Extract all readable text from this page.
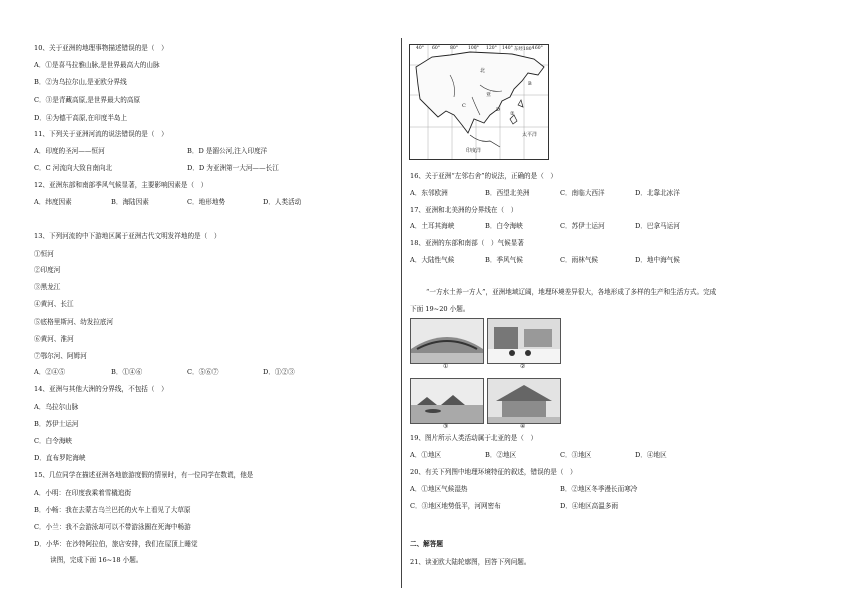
40° 60° 80° 100° 120° 140° 东经180°
160°
北
亚
B
太平洋
印度洋
C
D
②
①	②
③	④
二、解答题
21、读亚欧大陆轮廓图，回答下列问题。
10、关于亚洲的地理事物描述错误的是（　）
A．①是喜马拉雅山脉,是世界最高大的山脉
B．②为乌拉尔山,是亚欧分界线
C．③是青藏高原,是世界最大的高原
D．④为德干高原,在印度半岛上
11、下列关于亚洲河流的说法错误的是（　）
12、亚洲东部和南部季风气候显著，主要影响因素是（　）
13、下列河流的中下游地区属于亚洲古代文明发祥地的是（　）
①恒河
②印度河
③黑龙江
④黄河、长江
⑤底格里斯河、幼发拉底河
⑥黄河、淮河
⑦鄂尔河、阿姆河
14、亚洲与其他大洲的分界线，不包括（　）
A．乌拉尔山脉
B．苏伊士运河
C．白令海峡
D．直布罗陀海峡
15、几位同学在描述亚洲各地旅游度假的情景时，有一位同学在数谎，他是
A．小明：在印度我乘着雪橇追街
B．小畅：我在去蒙古乌兰巴托的火车上看见了大草原
C．小兰：我不会游泳却可以不带游泳圈在死海中畅游
D．小华：在沙特阿拉伯，旅店安排，我们在屋顶上睡觉
读图，完成下面 16~18 小题。
A．印度的圣河——恒河	B．D 是湄公河,注入印度洋
C．C 河流向大致自南向北	D．D 为亚洲第一大河——长江
A．纬度因素	B．海陆因素	C．地形地势	D．人类活动
A．②④⑤	B．①④⑥	C．⑤⑥⑦	D．①②③
16、关于亚洲“左邻右舍”的说法，正确的是（　）
17、亚洲和北美洲的分界线在（　）
18、亚洲的东部和南部（　）气候显著
“一方水土养一方人”，亚洲地域辽阔，地理环境差异很大，各地形成了多样的生产和生活方式。完成
下面 19~20 小题。
19、图片所示人类活动属于北亚的是（　）
20、有关下列图中地理环境特征的叙述，错误的是（　）
A．东邻欧洲	B．西望北美洲	C．南临大西洋	D．北靠北冰洋
A．土耳其海峡	B．白令海峡	C．苏伊士运河	D．巴拿马运河
A．大陆性气候	B．季风气候	C．雨林气候	D．地中海气候
A．①地区	B．②地区	C．③地区	D．④地区
A．①地区气候湿热	B．②地区冬季漫长而寒冷
C．③地区地势低平，河网密布	D．④地区高温多雨
